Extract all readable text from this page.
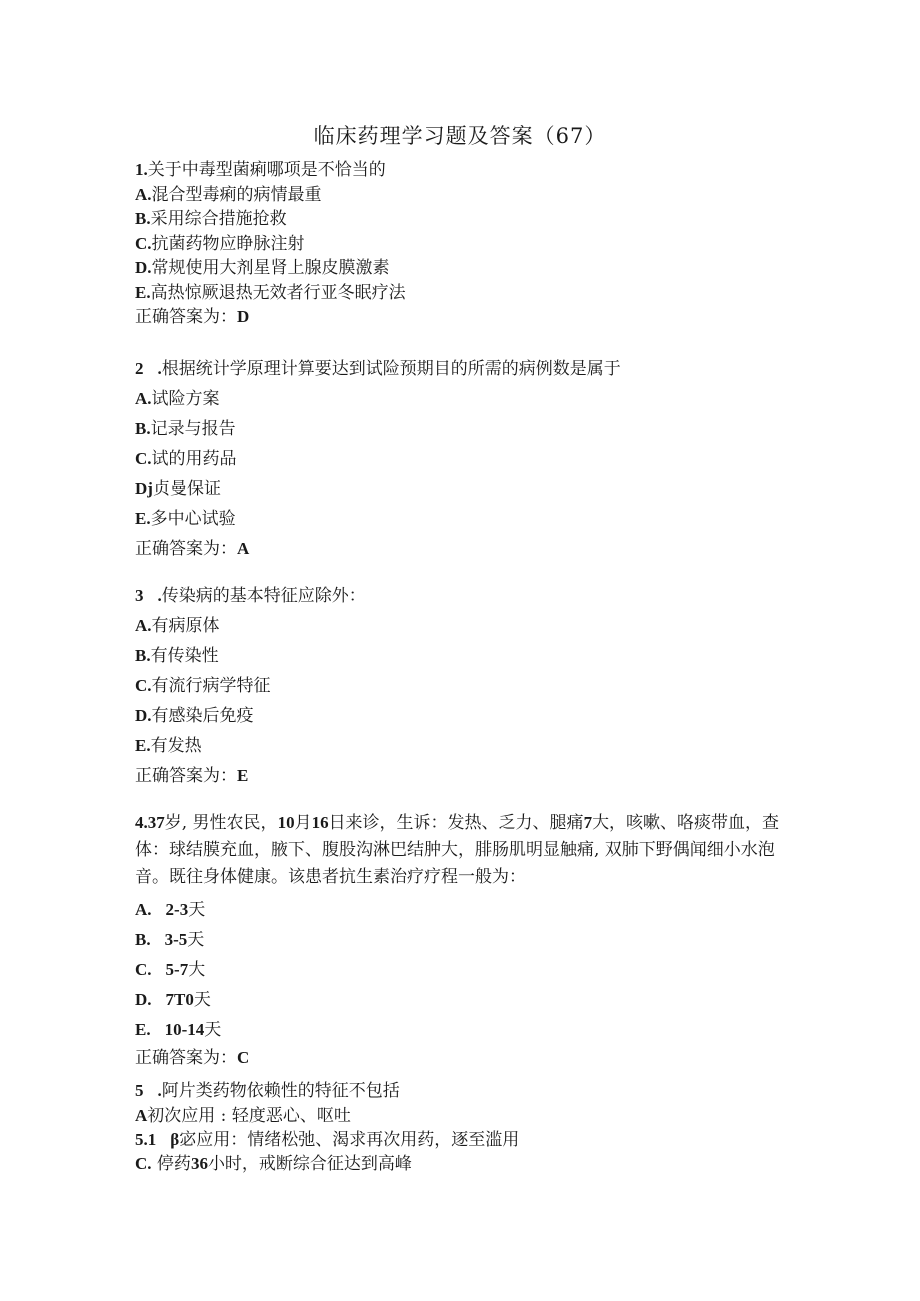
临床药理学习题及答案（67）

1.关于中毒型菌痢哪项是不恰当的

A.混合型毒痢的病情最重

B.采用综合措施抢救

C.抗菌药物应睁脉注射

D.常规使用大剂星肾上腺皮膜激素

E.高热惊厥退热无效者行亚冬眠疗法

正确答案为：D

2 .根据统计学原理计算要达到试险预期目的所需的病例数是属于

A.试险方案

B.记录与报告

C.试的用药品

Dj贞曼保证

E.多中心试验

正确答案为：A

3 .传染病的基本特征应除外：

A.有病原体

B.有传染性

C.有流行病学特征

D.有感染后免疫

E.有发热

正确答案为：E

4.37岁, 男性农民，10月16日来诊，生诉：发热、乏力、腿痛7大，咳嗽、咯痰带血，查体：球结膜充血，腋下、腹股沟淋巴结肿大，腓肠肌明显触痛, 双肺下野偶闻细小水泡音。既往身体健康。该患者抗生素治疗疗程一般为：

A. 2-3天

B. 3-5天

C. 5-7大

D. 7T0天

E. 10-14天

正确答案为：C

5 .阿片类药物依赖性的特征不包括

A初次应用 : 轻度恶心、呕吐

5.1 β宓应用：情绪松弛、渴求再次用药，逐至滥用

C. 停药36小时，戒断综合征达到高峰
